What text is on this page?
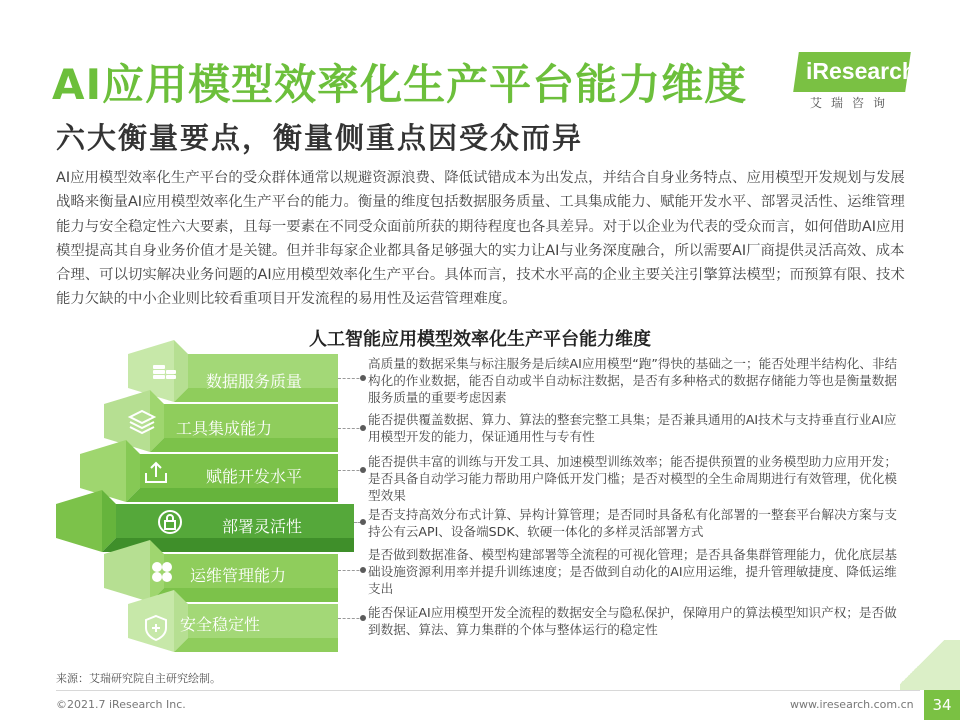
AI应用模型效率化生产平台能力维度
六大衡量要点，衡量侧重点因受众而异
iResearch
艾瑞咨询
AI应用模型效率化生产平台的受众群体通常以规避资源浪费、降低试错成本为出发点，并结合自身业务特点、应用模型开发规划与发展战略来衡量AI应用模型效率化生产平台的能力。衡量的维度包括数据服务质量、工具集成能力、赋能开发水平、部署灵活性、运维管理能力与安全稳定性六大要素，且每一要素在不同受众面前所获的期待程度也各具差异。对于以企业为代表的受众而言，如何借助AI应用模型提高其自身业务价值才是关键。但并非每家企业都具备足够强大的实力让AI与业务深度融合，所以需要AI厂商提供灵活高效、成本合理、可以切实解决业务问题的AI应用模型效率化生产平台。具体而言，技术水平高的企业主要关注引擎算法模型；而预算有限、技术能力欠缺的中小企业则比较看重项目开发流程的易用性及运营管理难度。
人工智能应用模型效率化生产平台能力维度
数据服务质量
工具集成能力
赋能开发水平
部署灵活性
运维管理能力
安全稳定性
高质量的数据采集与标注服务是后续AI应用模型“跑”得快的基础之一；能否处理半结构化、非结构化的作业数据，能否自动或半自动标注数据，是否有多种格式的数据存储能力等也是衡量数据服务质量的重要考虑因素
能否提供覆盖数据、算力、算法的整套完整工具集；是否兼具通用的AI技术与支持垂直行业AI应用模型开发的能力，保证通用性与专有性
能否提供丰富的训练与开发工具、加速模型训练效率；能否提供预置的业务模型助力应用开发；是否具备自动学习能力帮助用户降低开发门槛；是否对模型的全生命周期进行有效管理，优化模型效果
是否支持高效分布式计算、异构计算管理；是否同时具备私有化部署的一整套平台解决方案与支持公有云API、设备端SDK、软硬一体化的多样灵活部署方式
是否做到数据准备、模型构建部署等全流程的可视化管理；是否具备集群管理能力，优化底层基础设施资源利用率并提升训练速度；是否做到自动化的AI应用运维，提升管理敏捷度、降低运维支出
能否保证AI应用模型开发全流程的数据安全与隐私保护，保障用户的算法模型知识产权；是否做到数据、算法、算力集群的个体与整体运行的稳定性
来源：艾瑞研究院自主研究绘制。
©2021.7 iResearch Inc.	www.iresearch.com.cn	34
